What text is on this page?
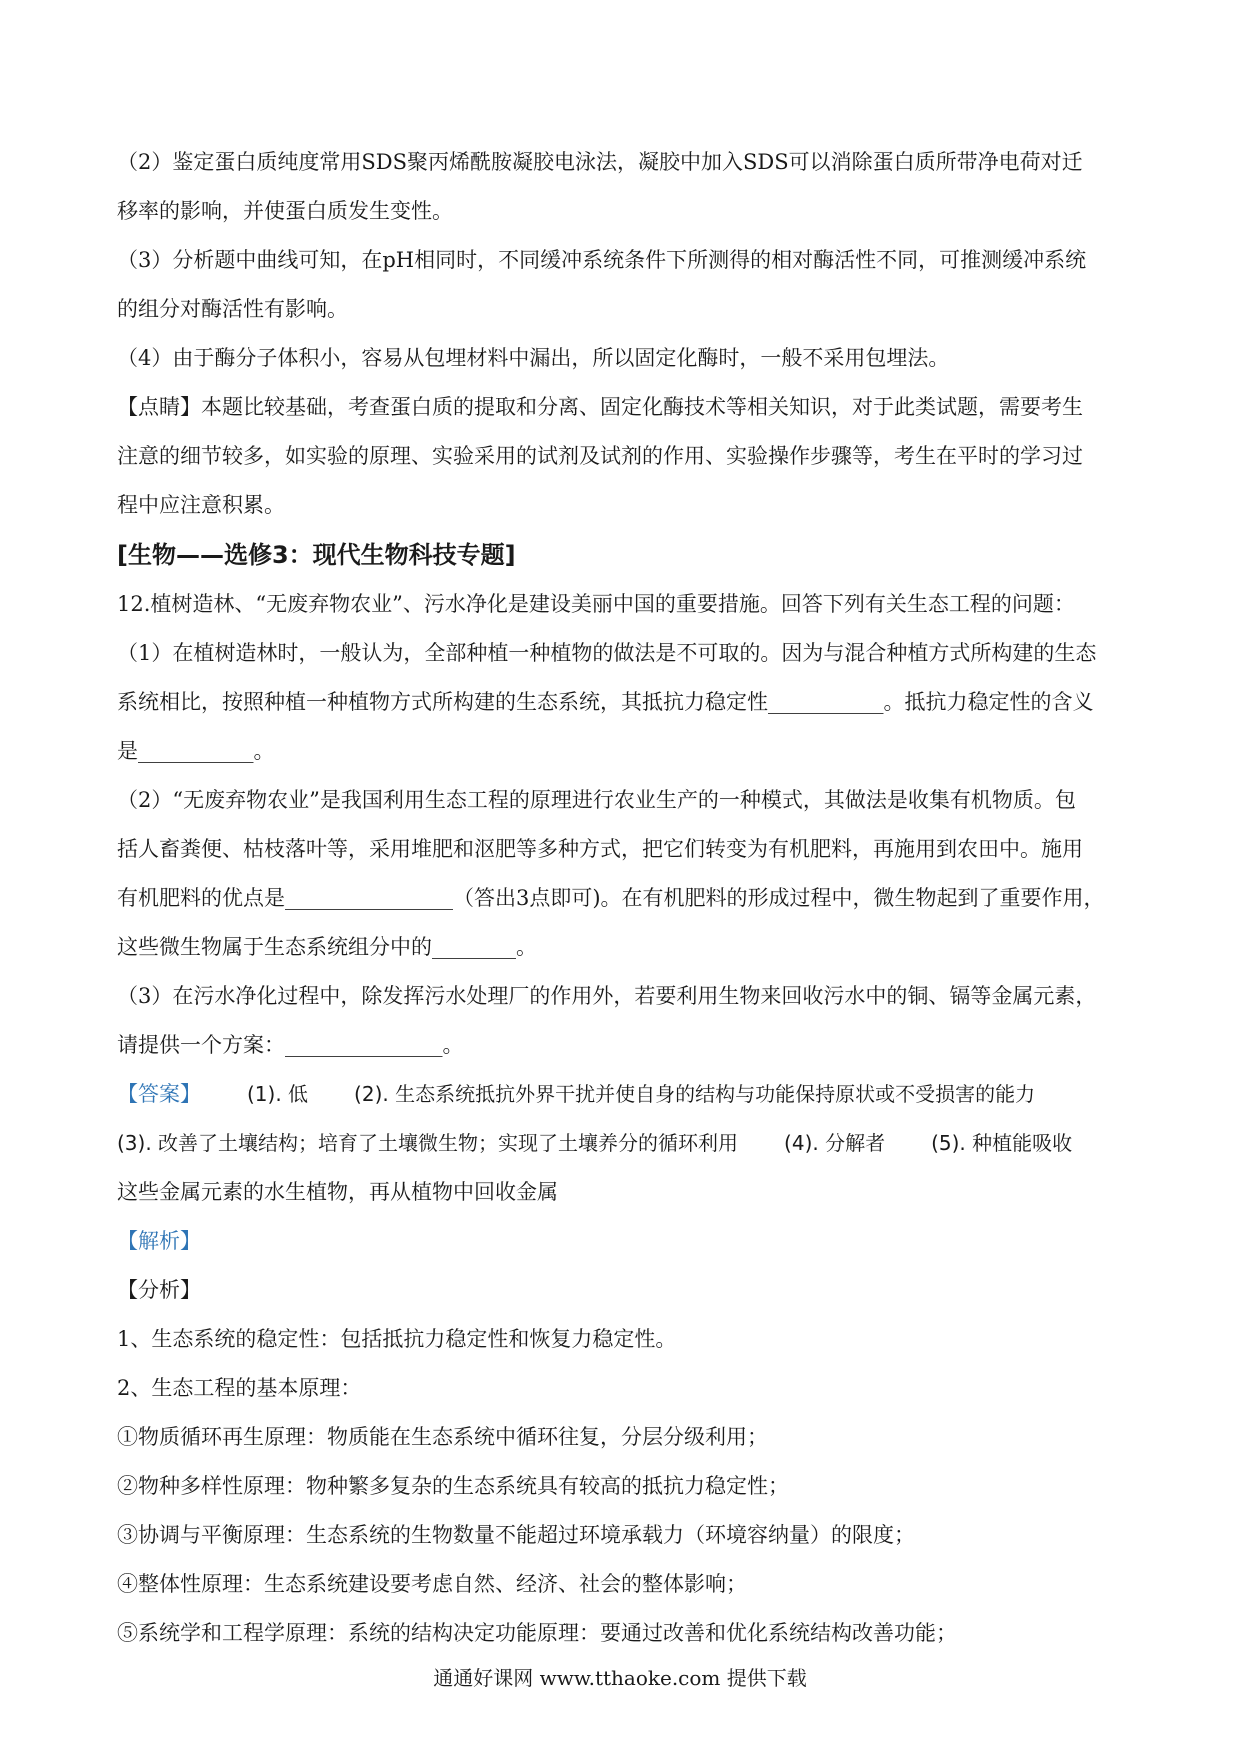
（2）鉴定蛋白质纯度常用SDS聚丙烯酰胺凝胶电泳法，凝胶中加入SDS可以消除蛋白质所带净电荷对迁

移率的影响，并使蛋白质发生变性。

（3）分析题中曲线可知，在pH相同时，不同缓冲系统条件下所测得的相对酶活性不同，可推测缓冲系统

的组分对酶活性有影响。

（4）由于酶分子体积小，容易从包埋材料中漏出，所以固定化酶时，一般不采用包埋法。

【点睛】本题比较基础，考查蛋白质的提取和分离、固定化酶技术等相关知识，对于此类试题，需要考生

注意的细节较多，如实验的原理、实验采用的试剂及试剂的作用、实验操作步骤等，考生在平时的学习过

程中应注意积累。

[生物——选修3：现代生物科技专题]

12.植树造林、“无废弃物农业”、污水净化是建设美丽中国的重要措施。回答下列有关生态工程的问题：

（1）在植树造林时，一般认为，全部种植一种植物的做法是不可取的。因为与混合种植方式所构建的生态

系统相比，按照种植一种植物方式所构建的生态系统，其抵抗力稳定性___________。抵抗力稳定性的含义

是___________。

（2）“无废弃物农业”是我国利用生态工程的原理进行农业生产的一种模式，其做法是收集有机物质。包

括人畜粪便、枯枝落叶等，采用堆肥和沤肥等多种方式，把它们转变为有机肥料，再施用到农田中。施用

有机肥料的优点是________________（答出3点即可)。在有机肥料的形成过程中，微生物起到了重要作用，

这些微生物属于生态系统组分中的________。

（3）在污水净化过程中，除发挥污水处理厂的作用外，若要利用生物来回收污水中的铜、镉等金属元素，

请提供一个方案：_______________。

【答案】 (1). 低 (2). 生态系统抵抗外界干扰并使自身的结构与功能保持原状或不受损害的能力

(3). 改善了土壤结构；培育了土壤微生物；实现了土壤养分的循环利用 (4). 分解者 (5). 种植能吸收

这些金属元素的水生植物，再从植物中回收金属

【解析】

【分析】

1、生态系统的稳定性：包括抵抗力稳定性和恢复力稳定性。

2、生态工程的基本原理：

①物质循环再生原理：物质能在生态系统中循环往复，分层分级利用；

②物种多样性原理：物种繁多复杂的生态系统具有较高的抵抗力稳定性；

③协调与平衡原理：生态系统的生物数量不能超过环境承载力（环境容纳量）的限度；

④整体性原理：生态系统建设要考虑自然、经济、社会的整体影响；

⑤系统学和工程学原理：系统的结构决定功能原理：要通过改善和优化系统结构改善功能；

通通好课网 www.tthaoke.com 提供下载
